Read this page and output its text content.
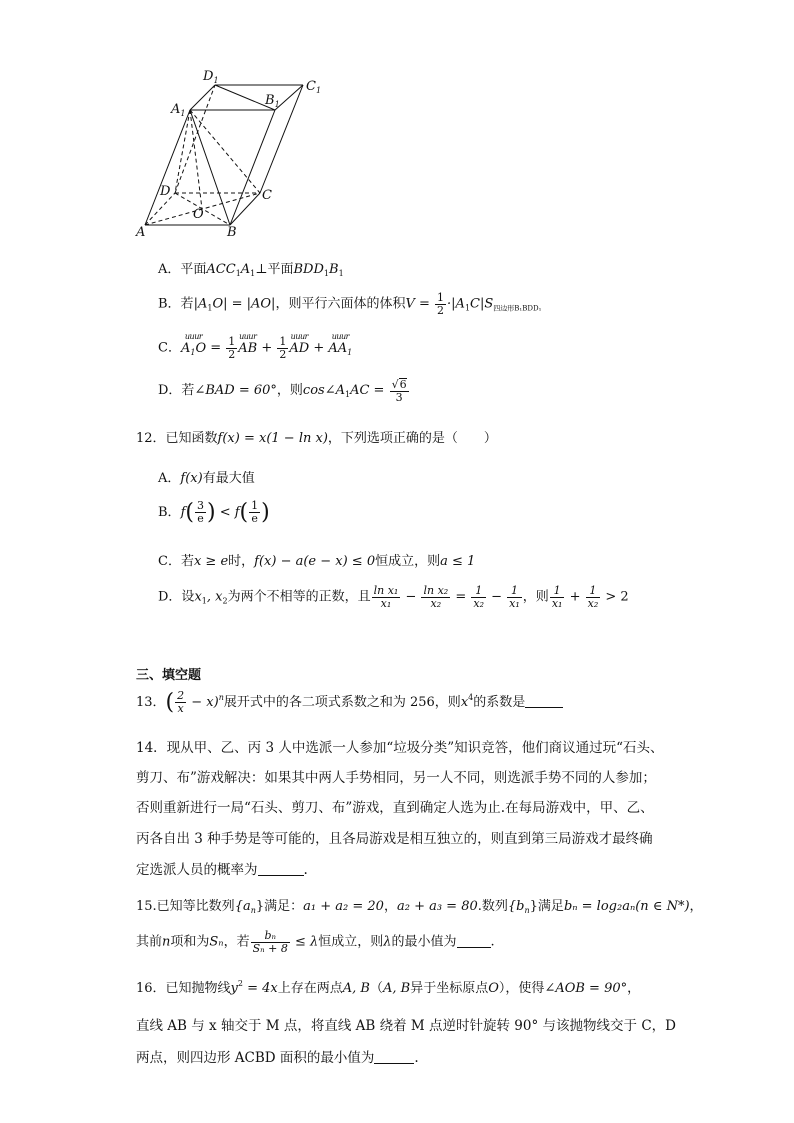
$D_1$	$C_1$
$A_1$
$B_1$
D	C
O
A	B
A．平面$ACC_1A_1\perp$平面$BDD_1B_1$
B．若$|A_1O| = |AO|$，则平行六面体的体积$V = \frac{1}{2} \cdot|A_1C|S_{四边形B_1BDD_1}$
C．
uuur
$A_1O = \frac{1}{2}$ uuur
AB + $\frac{1}{2}$ uuur
AD +
uuur
$AA_1$
D．若∠BAD = 60°，则$\cos\angle A_1AC = \frac{√6}{3}$
12．已知函数f(x) = x(1 − ln x)，下列选项正确的是（　　）
A．f(x)有最大值
B．$f( \frac{3}{e}$ ) < $f( \frac{1}{e}$ )
C．若x ≥ e时，f(x) − a(e − x) ≤ 0恒成立，则a ≤ 1
D．设$x_1$, $x_2$为两个不相等的正数，且 $\frac{\text{ln x₁}}{\text{x₁}} - \frac{\text{ln x₂}}{\text{x₂}} = \frac{1}{\text{x₂}} - \frac{1}{\text{x₁}}$ ，则 $\frac{1}{\text{x₁}} + \frac{1}{\text{x₂}} > 2$
三、填空题
13．( $\frac{2}{x} - x)^n$展开式中的各二项式系数之和为 256，则$x^4$的系数是
14．现从甲、乙、丙 3 人中选派一人参加“垃圾分类”知识竞答，他们商议通过玩“石头、
剪刀、布”游戏解决：如果其中两人手势相同，另一人不同，则选派手势不同的人参加；
否则重新进行一局“石头、剪刀、布”游戏，直到确定人选为止.在每局游戏中，甲、乙、
丙各自出 3 种手势是等可能的，且各局游戏是相互独立的，则直到第三局游戏才最终确
定选派人员的概率为	.
15.已知等比数列$\{a_n\}$满足：a₁ + a₂ = 20，a₂ + a₃ = 80.数列$\{b_n\}$满足bₙ = log₂aₙ(n ∈ N*)，
其前n项和为Sₙ，若 $\frac{\text{bₙ}}{\text{Sₙ + 8}} \le \lambda$恒成立，则λ的最小值为	.
16．已知抛物线$y^2 = 4x$上存在两点A, B（A, B异于坐标原点O），使得∠AOB = 90°，
直线 AB 与 x 轴交于 M 点，将直线 AB 绕着 M 点逆时针旋转 90° 与该抛物线交于 C，D
两点，则四边形 ACBD 面积的最小值为	.
